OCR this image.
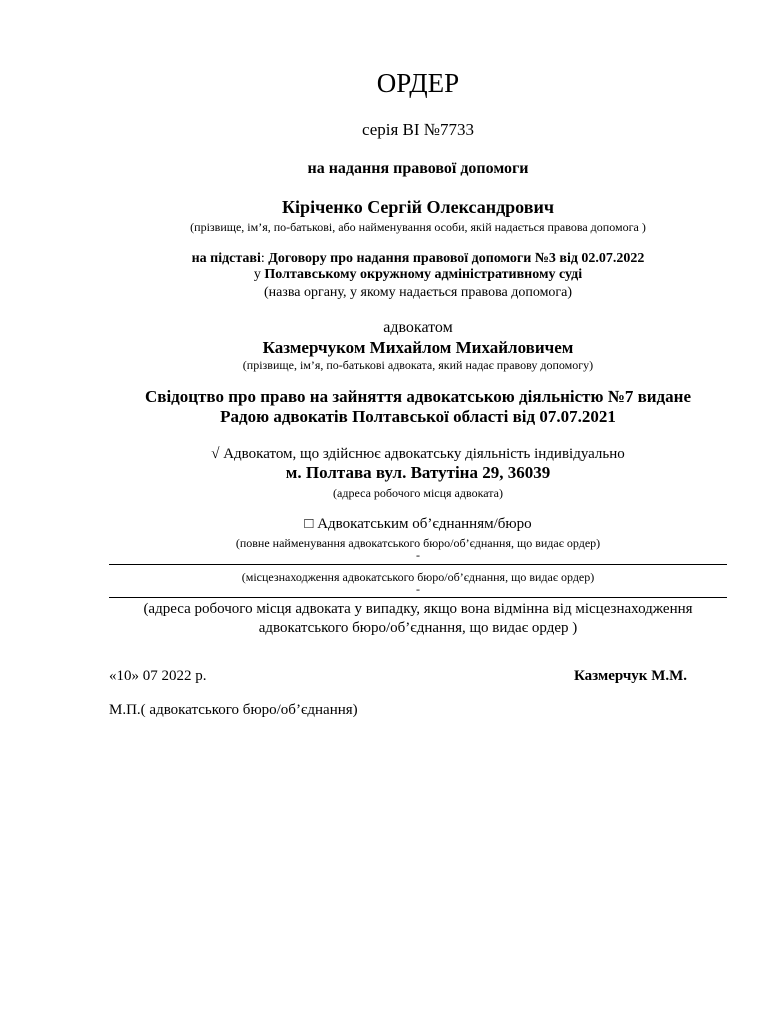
ОРДЕР
серія ВІ №7733
на надання правової допомоги
Кіріченко Сергій Олександрович
(прізвище, ім’я, по-батькові, або найменування особи, якій надається правова допомога )
на підставі: Договору про надання правової допомоги №3 від 02.07.2022
у Полтавському окружному адміністративному суді
(назва органу, у якому надається правова допомога)
адвокатом
Казмерчуком Михайлом Михайловичем
(прізвище, ім’я, по-батькові адвоката, який надає правову допомогу)
Свідоцтво про право на зайняття адвокатською діяльністю №7 видане
Радою адвокатів Полтавської області від 07.07.2021
√ Адвокатом, що здійснює адвокатську діяльність індивідуально
м. Полтава вул. Ватутіна 29, 36039
(адреса робочого місця адвоката)
□ Адвокатським об’єднанням/бюро
(повне найменування адвокатського бюро/об’єднання, що видає ордер)
-
(місцезнаходження адвокатського бюро/об’єднання, що видає ордер)
-
(адреса робочого місця адвоката у випадку, якщо вона відмінна від місцезнаходження
адвокатського бюро/об’єднання, що видає ордер )
«10» 07 2022 р.	Казмерчук М.М.
М.П.( адвокатського бюро/об’єднання)
